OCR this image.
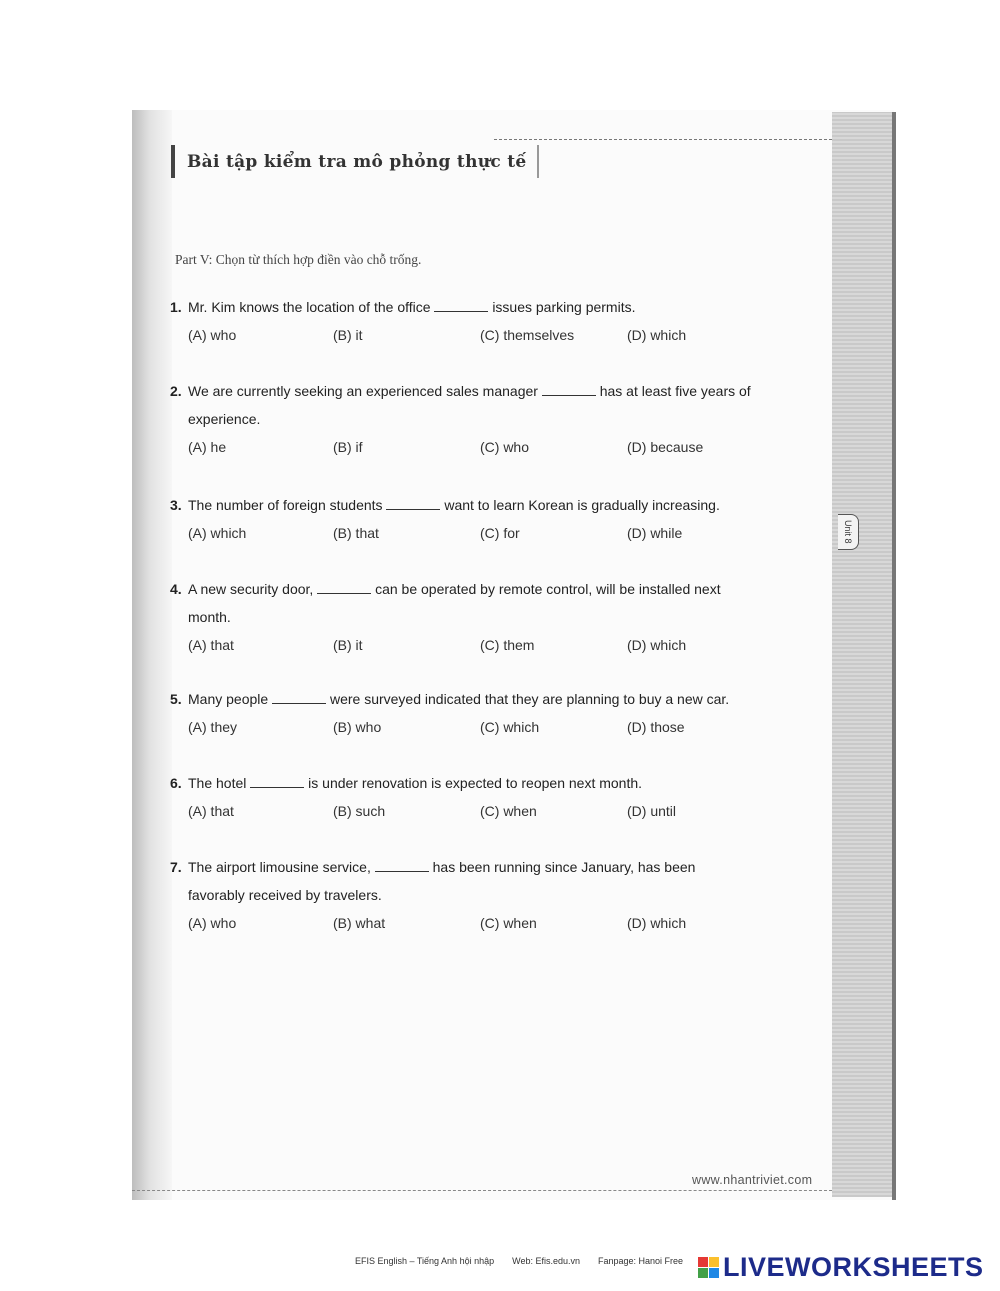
Bài tập kiểm tra mô phỏng thực tế
Part V: Chọn từ thích hợp điền vào chỗ trống.
1. Mr. Kim knows the location of the office	issues parking permits.
(A) who	(B) it	(C) themselves	(D) which
2. We are currently seeking an experienced sales manager	has at least five years of
experience.
(A) he	(B) if	(C) who	(D) because
3. The number of foreign students	want to learn Korean is gradually increasing.
(A) which	(B) that	(C) for	(D) while
4. A new security door,	can be operated by remote control, will be installed next
month.
(A) that	(B) it	(C) them	(D) which
5. Many people	were surveyed indicated that they are planning to buy a new car.
(A) they	(B) who	(C) which	(D) those
6. The hotel	is under renovation is expected to reopen next month.
(A) that	(B) such	(C) when	(D) until
7. The airport limousine service,	has been running since January, has been
favorably received by travelers.
(A) who	(B) what	(C) when	(D) which
Unit 8
www.nhantriviet.com
EFIS English – Tiếng Anh hội nhập Web: Efis.edu.vn Fanpage: Hanoi Free LIVEWORKSHEETS
